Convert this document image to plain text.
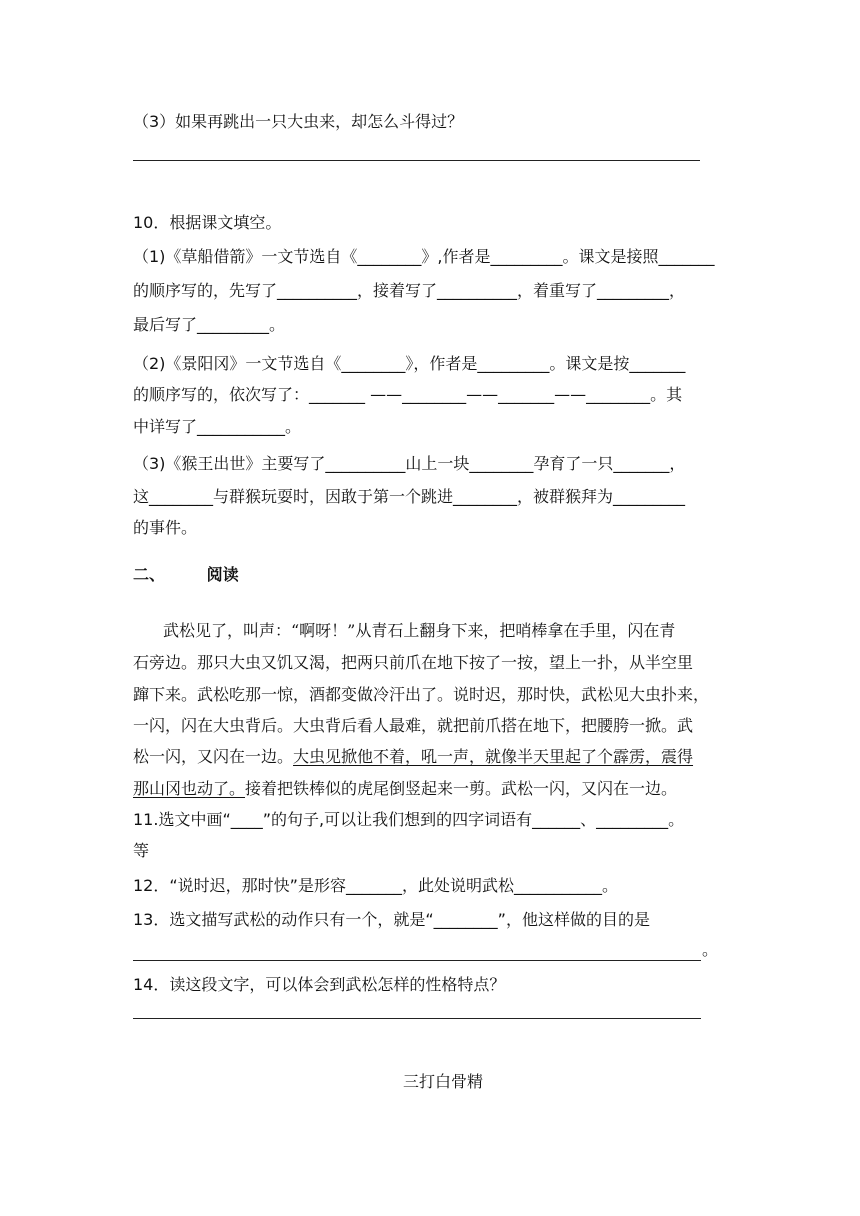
（3）如果再跳出一只大虫来，却怎么斗得过？
10．根据课文填空。
（1)《草船借箭》一文节选自《________》,作者是_________。课文是接照_______
的顺序写的，先写了__________，接着写了__________，着重写了_________，
最后写了_________。
（2)《景阳冈》一文节选自《________》，作者是_________。课文是按_______
的顺序写的，依次写了：_______ ——________——_______——________。其
中详写了___________。
（3)《猴王出世》主要写了__________山上一块________孕育了一只_______，
这________与群猴玩耍时，因敢于第一个跳进________，被群猴拜为_________
的事件。
二、	阅读
武松见了，叫声：“啊呀！”从青石上翻身下来，把哨棒拿在手里，闪在青
石旁边。那只大虫又饥又渴，把两只前爪在地下按了一按，望上一扑，从半空里
蹿下来。武松吃那一惊，酒都变做冷汗出了。说时迟，那时快，武松见大虫扑来，
一闪，闪在大虫背后。大虫背后看人最难，就把前爪搭在地下，把腰胯一掀。武
松一闪，又闪在一边。大虫见掀他不着，吼一声，就像半天里起了个霹雳，震得
那山冈也动了。接着把铁棒似的虎尾倒竖起来一剪。武松一闪，又闪在一边。
11.选文中画“____”的句子,可以让我们想到的四字词语有______、_________。
等
12．“说时迟，那时快”是形容_______，此处说明武松___________。
13．选文描写武松的动作只有一个，就是“________”，他这样做的目的是
。
14．读这段文字，可以体会到武松怎样的性格特点？
三打白骨精
